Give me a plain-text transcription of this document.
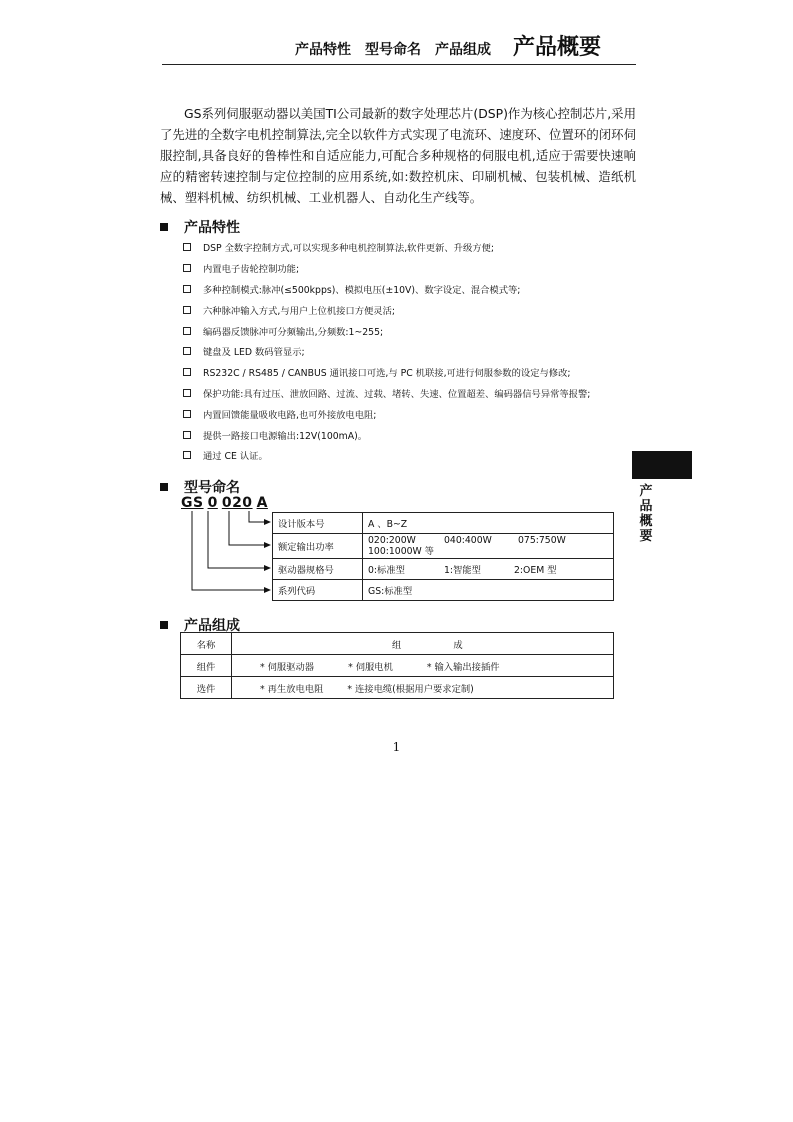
产品特性 型号命名 产品组成 产品概要

GS系列伺服驱动器以美国TI公司最新的数字处理芯片(DSP)作为核心控制芯片,采用了先进的全数字电机控制算法,完全以软件方式实现了电流环、速度环、位置环的闭环伺服控制,具备良好的鲁棒性和自适应能力,可配合多种规格的伺服电机,适应于需要快速响应的精密转速控制与定位控制的应用系统,如:数控机床、印刷机械、包装机械、造纸机械、塑料机械、纺织机械、工业机器人、自动化生产线等。

产品特性
DSP 全数字控制方式,可以实现多种电机控制算法,软件更新、升级方便;
内置电子齿轮控制功能;
多种控制模式:脉冲(≤500kpps)、模拟电压(±10V)、数字设定、混合模式等;
六种脉冲输入方式,与用户上位机接口方便灵活;
编码器反馈脉冲可分频输出,分频数:1~255;
键盘及 LED 数码管显示;
RS232C / RS485 / CANBUS 通讯接口可选,与 PC 机联接,可进行伺服参数的设定与修改;
保护功能:具有过压、泄放回路、过流、过载、堵转、失速、位置超差、编码器信号异常等报警;
内置回馈能量吸收电路,也可外接放电电阻;
提供一路接口电源输出:12V(100mA)。
通过 CE 认证。
型号命名
GS 0 020 A
设计版本号	A 、B~Z
额定输出功率	020:200W 040:400W 075:750W
100:1000W 等

驱动器规格号	0:标准型 1:智能型 2:OEM 型
系列代码	GS:标准型
产品组成
名称	组 成
组件	* 伺服驱动器 * 伺服电机 * 输入输出接插件
选件	* 再生放电电阻 * 连接电缆(根据用户要求定制)
1
产
品
概
要
